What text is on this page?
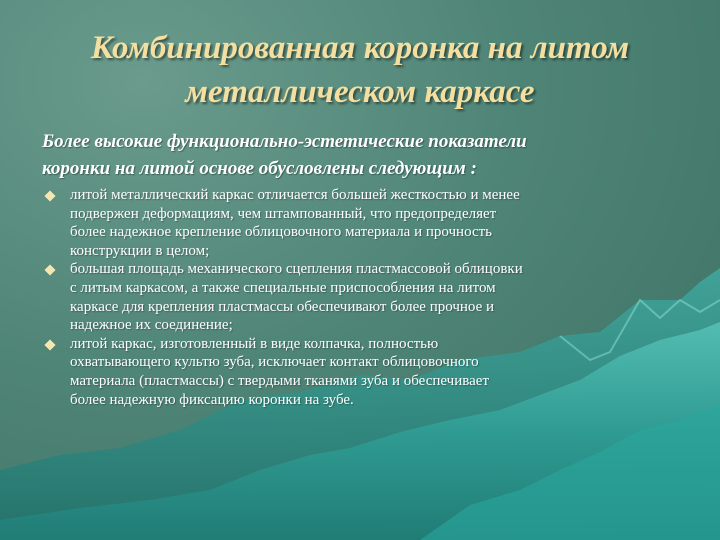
Комбинированная коронка на литом
металлическом каркасе
Более высокие функционально-эстетические показатели
коронки на литой основе обусловлены следующим :
литой металлический каркас отличается большей жесткостью и менее
подвержен деформациям, чем штампованный, что предопределяет
более надежное крепление облицовочного материала и прочность
конструкции в целом;
большая площадь механического сцепления пластмассовой облицовки
с литым каркасом, а также специальные приспособления на литом
каркасе для крепления пластмассы обеспечивают более прочное и
надежное их соединение;
литой каркас, изготовленный в виде колпачка, полностью
охватывающего культю зуба, исключает контакт облицовочного
материала (пластмассы) с твердыми тканями зуба и обеспечивает
более надежную фиксацию коронки на зубе.
